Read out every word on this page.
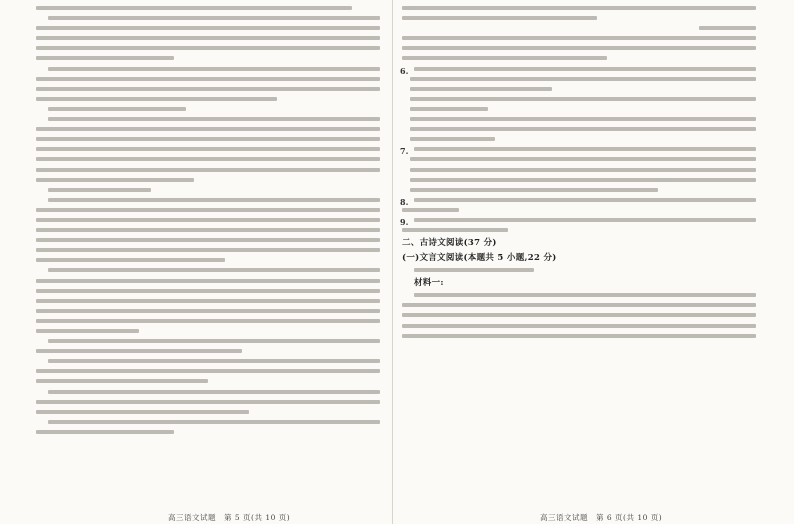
高三语文试题　第 5 页(共 10 页)
6.
7.
8.
9.
二、古诗文阅读(37 分)
(一)文言文阅读(本题共 5 小题,22 分)
材料一:
高三语文试题　第 6 页(共 10 页)
